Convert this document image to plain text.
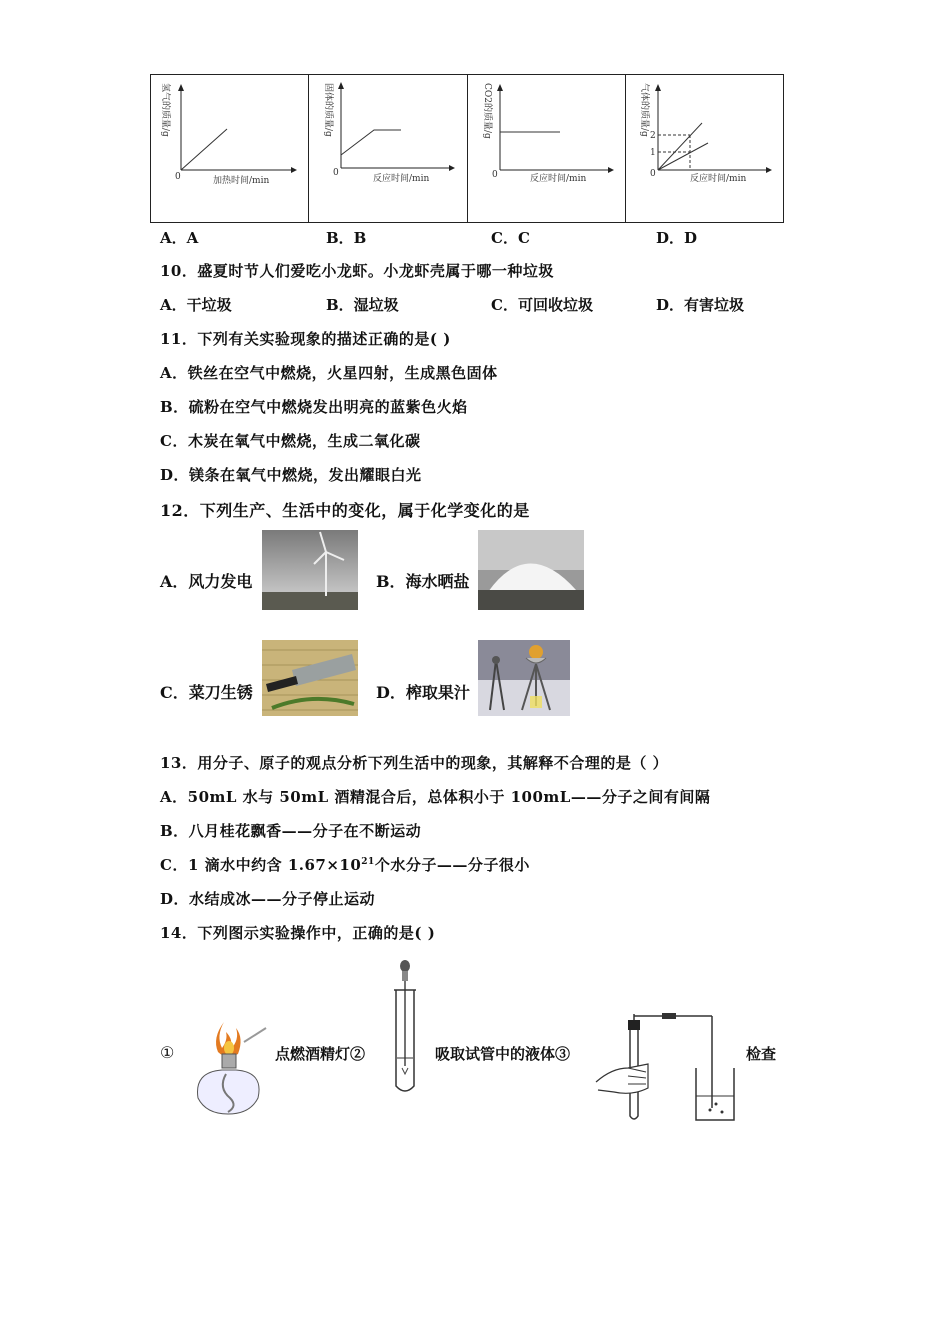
0	加热时间/min
氢气的质量/g
0
反应时间/min
固体的质量/g
0	反应时间/min
CO2的质量/g	2
1
0	反应时间/min
气体的质量/g
A．A	B．B	C．C	D．D
10．盛夏时节人们爱吃小龙虾。小龙虾壳属于哪一种垃圾
A．干垃圾	B．湿垃圾	C．可回收垃圾	D．有害垃圾
11．下列有关实验现象的描述正确的是( )
A．铁丝在空气中燃烧，火星四射，生成黑色固体
B．硫粉在空气中燃烧发出明亮的蓝紫色火焰
C．木炭在氧气中燃烧，生成二氧化碳
D．镁条在氧气中燃烧，发出耀眼白光
12．下列生产、生活中的变化，属于化学变化的是
A．风力发电	B．海水晒盐
C．菜刀生锈	D．榨取果汁
13．用分子、原子的观点分析下列生活中的现象，其解释不合理的是（ ）
A．50mL 水与 50mL 酒精混合后，总体积小于 100mL——分子之间有间隔
B．八月桂花飘香——分子在不断运动
C．1 滴水中约含 $1.67\times 10^{21}$个水分子——分子很小
D．水结成冰——分子停止运动
14．下列图示实验操作中，正确的是( )
①	点燃酒精灯②	吸取试管中的液体③	检查
